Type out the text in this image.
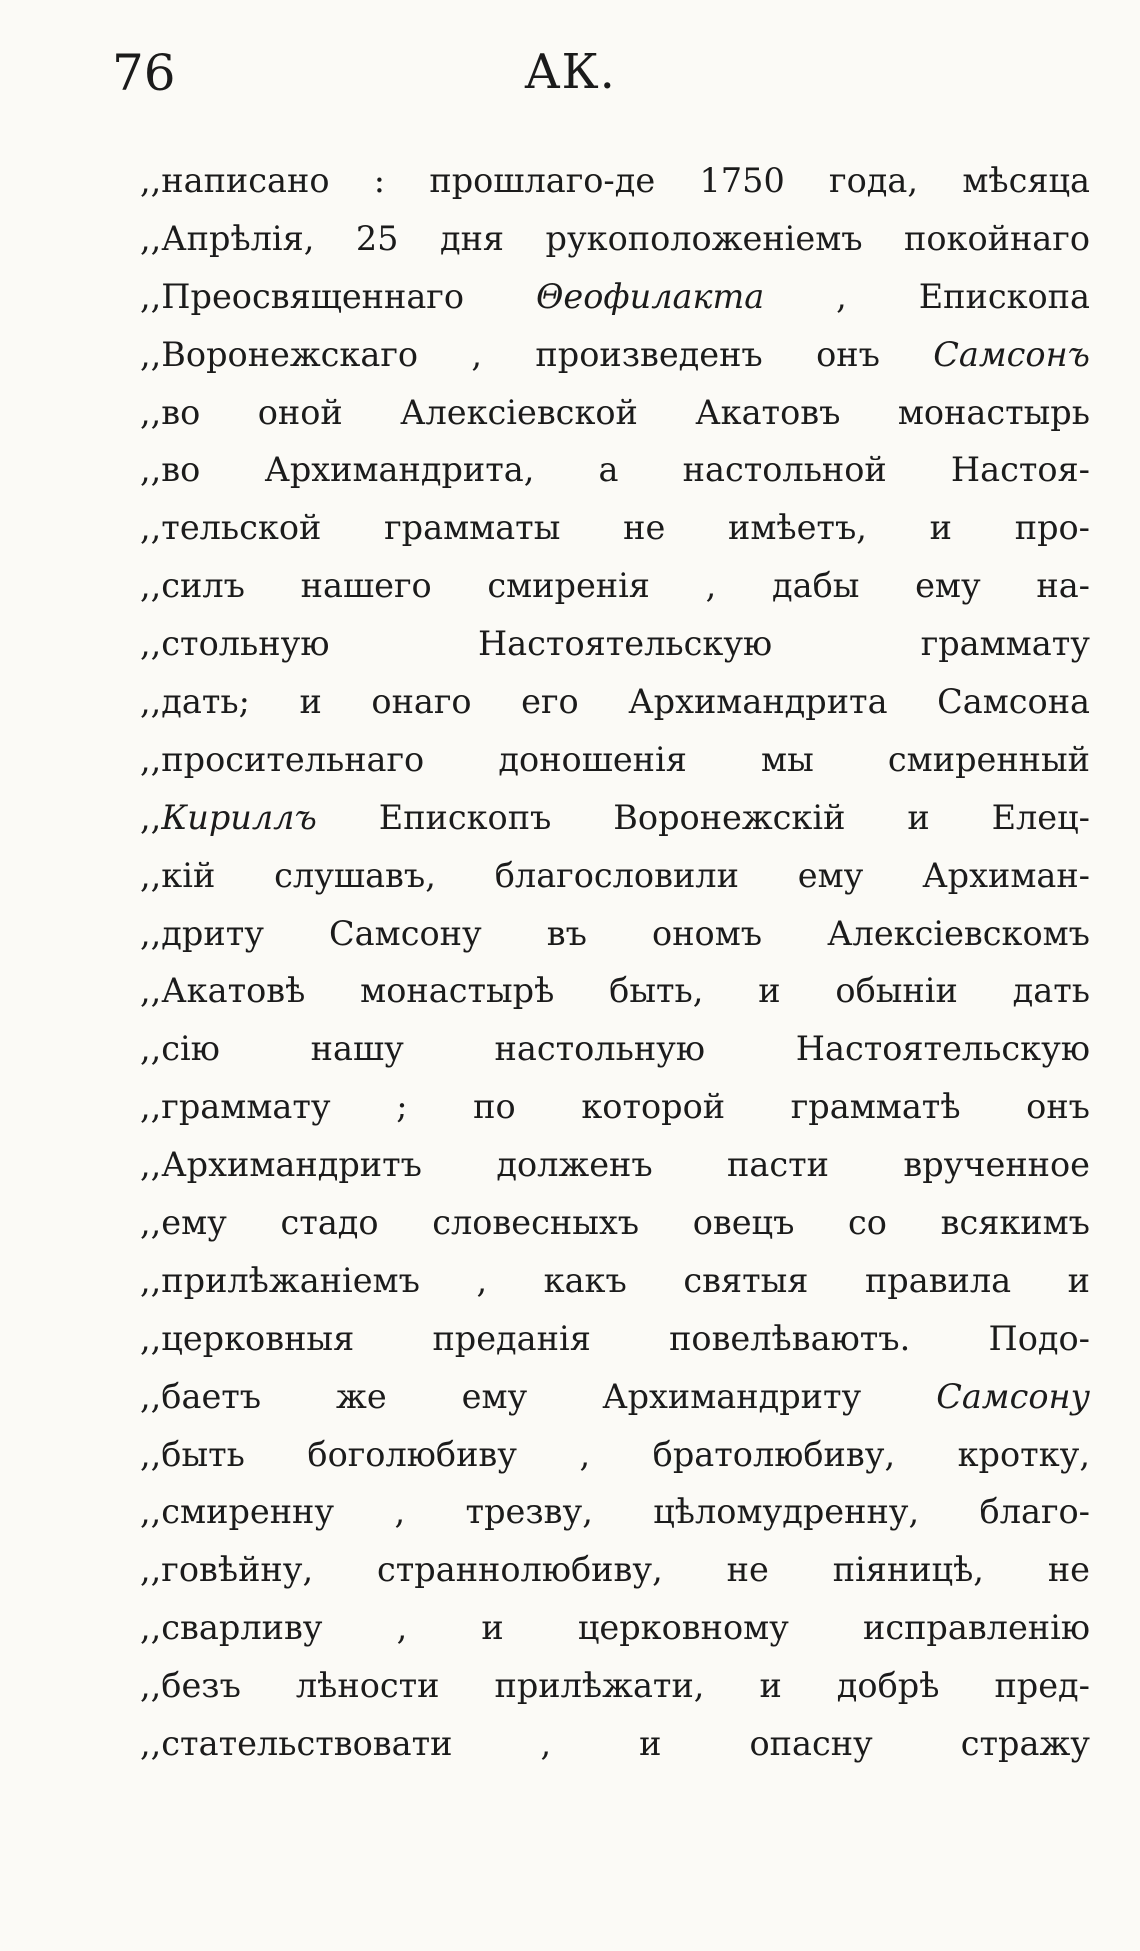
76	АК.
,,написано : прошлаго-де 1750 года, мѣсяца
,,Апрѣлія, 25 дня рукоположеніемъ покойнаго
,,Преосвященнаго Θеофилакта , Епископа
,,Воронежскаго , произведенъ онъ Самсонъ
,,во оной Алексіевской Акатовъ монастырь
,,во Архимандрита, а настольной Настоя-
,,тельской грамматы не имѣетъ, и про-
,,силъ нашего смиренія , дабы ему на-
,,стольную Настоятельскую граммату
,,дать; и онаго его Архимандрита Самсона
,,просительнаго доношенія мы смиренный
,,Кириллъ Епископъ Воронежскій и Елец-
,,кій слушавъ, благословили ему Архиман-
,,дриту Самсону въ ономъ Алексіевскомъ
,,Акатовѣ монастырѣ быть, и обыніи дать
,,сію нашу настольную Настоятельскую
,,граммату ; по которой грамматѣ онъ
,,Архимандритъ долженъ пасти врученное
,,ему стадо словесныхъ овецъ со всякимъ
,,прилѣжаніемъ , какъ святыя правила и
,,церковныя преданія повелѣваютъ. Подо-
,,баетъ же ему Архимандриту Самсону
,,быть боголюбиву , братолюбиву, кротку,
,,смиренну , трезву, цѣломудренну, благо-
,,говѣйну, страннолюбиву, не піяницѣ, не
,,сварливу , и церковному исправленію
,,безъ лѣности прилѣжати, и добрѣ пред-
,,стательствовати , и опасну стражу
